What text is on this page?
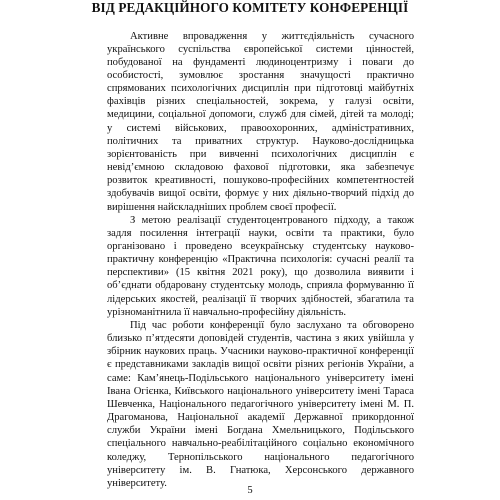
ВІД РЕДАКЦІЙНОГО КОМІТЕТУ КОНФЕРЕНЦІЇ

Активне впровадження у життєдіяльність сучасного українського суспільства європейської системи цінностей, побудованої на фундаменті людиноцентризму і поваги до особистості, зумовлює зростання значущості практично спрямованих психологічних дисциплін при підготовці майбутніх фахівців різних спеціальностей, зокрема, у галузі освіти, медицини, соціальної допомоги, служб для сімей, дітей та молоді; у системі військових, правоохоронних, адміністративних, політичних та приватних структур. Науково-дослідницька зорієнтованість при вивченні психологічних дисциплін є невід’ємною складовою фахової підготовки, яка забезпечує розвиток креативності, пошуково-професійних компетентностей здобувачів вищої освіти, формує у них діяльно-творчий підхід до вирішення найскладніших проблем своєї професії.

З метою реалізації студентоцентрованого підходу, а також задля посилення інтеграції науки, освіти та практики, було організовано і проведено всеукраїнську студентську науково-практичну конференцію «Практична психологія: сучасні реалії та перспективи» (15 квітня 2021 року), що дозволила виявити і об’єднати обдаровану студентську молодь, сприяла формуванню її лідерських якостей, реалізації її творчих здібностей, збагатила та урізноманітнила її навчально-професійну діяльність.

Під час роботи конференції було заслухано та обговорено близько п’ятдесяти доповідей студентів, частина з яких увійшла у збірник наукових праць. Учасники науково-практичної конференції є представниками закладів вищої освіти різних регіонів України, а саме: Кам’янець-Подільського національного університету імені Івана Огієнка, Київського національного університету імені Тараса Шевченка, Національного педагогічного університету імені М. П. Драгоманова, Національної академії Державної прикордонної служби України імені Богдана Хмельницького, Подільського спеціального навчально-реабілітаційного соціально економічного коледжу, Тернопільського національного педагогічного університету ім. В. Гнатюка, Херсонського державного університету.

5
